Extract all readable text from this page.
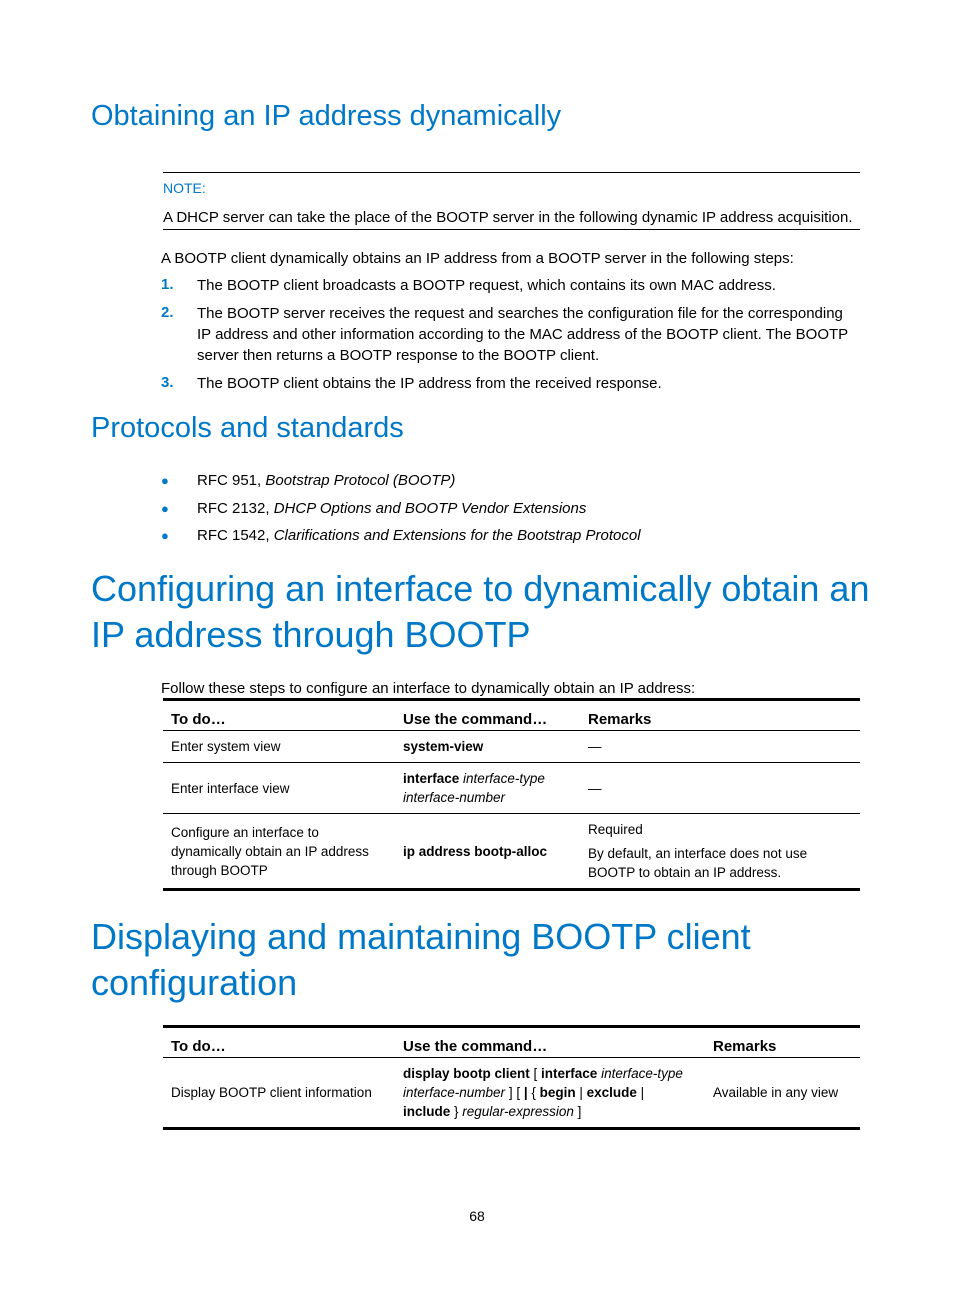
Obtaining an IP address dynamically
NOTE:
A DHCP server can take the place of the BOOTP server in the following dynamic IP address acquisition.
A BOOTP client dynamically obtains an IP address from a BOOTP server in the following steps:
1. The BOOTP client broadcasts a BOOTP request, which contains its own MAC address.
2. The BOOTP server receives the request and searches the configuration file for the corresponding
IP address and other information according to the MAC address of the BOOTP client. The BOOTP
server then returns a BOOTP response to the BOOTP client.
3. The BOOTP client obtains the IP address from the received response.
Protocols and standards
● RFC 951, Bootstrap Protocol (BOOTP)
● RFC 2132, DHCP Options and BOOTP Vendor Extensions
● RFC 1542, Clarifications and Extensions for the Bootstrap Protocol
Configuring an interface to dynamically obtain an
IP address through BOOTP
Follow these steps to configure an interface to dynamically obtain an IP address:
To do…	Use the command…	Remarks
Enter system view	system-view	—
Enter interface view	interface interface-type
interface-number	—

Configure an interface to
dynamically obtain an IP address
through BOOTP	ip address bootp-alloc	Required
By default, an interface does not use
BOOTP to obtain an IP address.
Displaying and maintaining BOOTP client
configuration
To do…	Use the command…	Remarks
Display BOOTP client information	display bootp client [ interface interface-type
interface-number ] [ | { begin | exclude |
include } regular-expression ]	Available in any view
68
